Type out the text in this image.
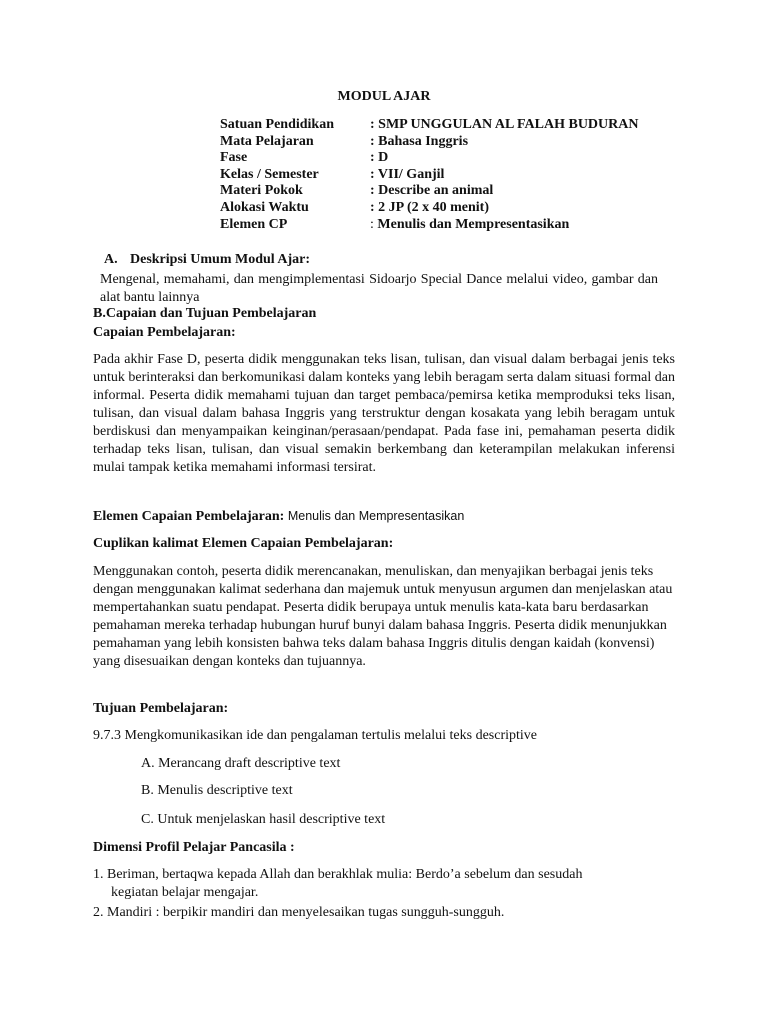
MODUL AJAR
Satuan Pendidikan	: SMP UNGGULAN AL FALAH BUDURAN
Mata Pelajaran	: Bahasa Inggris
Fase	: D
Kelas / Semester	: VII/ Ganjil
Materi Pokok	: Describe an animal
Alokasi Waktu	: 2 JP (2 x 40 menit)
Elemen CP	: Menulis dan Mempresentasikan
A. Deskripsi Umum Modul Ajar:
Mengenal, memahami, dan mengimplementasi Sidoarjo Special Dance melalui video, gambar dan alat bantu lainnya
B.Capaian dan Tujuan Pembelajaran
Capaian Pembelajaran:
Pada akhir Fase D, peserta didik menggunakan teks lisan, tulisan, dan visual dalam berbagai jenis teks untuk berinteraksi dan berkomunikasi dalam konteks yang lebih beragam serta dalam situasi formal dan informal. Peserta didik memahami tujuan dan target pembaca/pemirsa ketika memproduksi teks lisan, tulisan, dan visual dalam bahasa Inggris yang terstruktur dengan kosakata yang lebih beragam untuk berdiskusi dan menyampaikan keinginan/perasaan/pendapat. Pada fase ini, pemahaman peserta didik terhadap teks lisan, tulisan, dan visual semakin berkembang dan keterampilan melakukan inferensi mulai tampak ketika memahami informasi tersirat.
Elemen Capaian Pembelajaran: Menulis dan Mempresentasikan
Cuplikan kalimat Elemen Capaian Pembelajaran:
Menggunakan contoh, peserta didik merencanakan, menuliskan, dan menyajikan berbagai jenis teks dengan menggunakan kalimat sederhana dan majemuk untuk menyusun argumen dan menjelaskan atau mempertahankan suatu pendapat. Peserta didik berupaya untuk menulis kata-kata baru berdasarkan pemahaman mereka terhadap hubungan huruf bunyi dalam bahasa Inggris. Peserta didik menunjukkan pemahaman yang lebih konsisten bahwa teks dalam bahasa Inggris ditulis dengan kaidah (konvensi) yang disesuaikan dengan konteks dan tujuannya.
Tujuan Pembelajaran:
9.7.3 Mengkomunikasikan ide dan pengalaman tertulis melalui teks descriptive
A. Merancang draft descriptive text
B. Menulis descriptive text
C. Untuk menjelaskan hasil descriptive text
Dimensi Profil Pelajar Pancasila :
1. Beriman, bertaqwa kepada Allah dan berakhlak mulia: Berdo’a sebelum dan sesudah
kegiatan belajar mengajar.
2. Mandiri : berpikir mandiri dan menyelesaikan tugas sungguh-sungguh.
